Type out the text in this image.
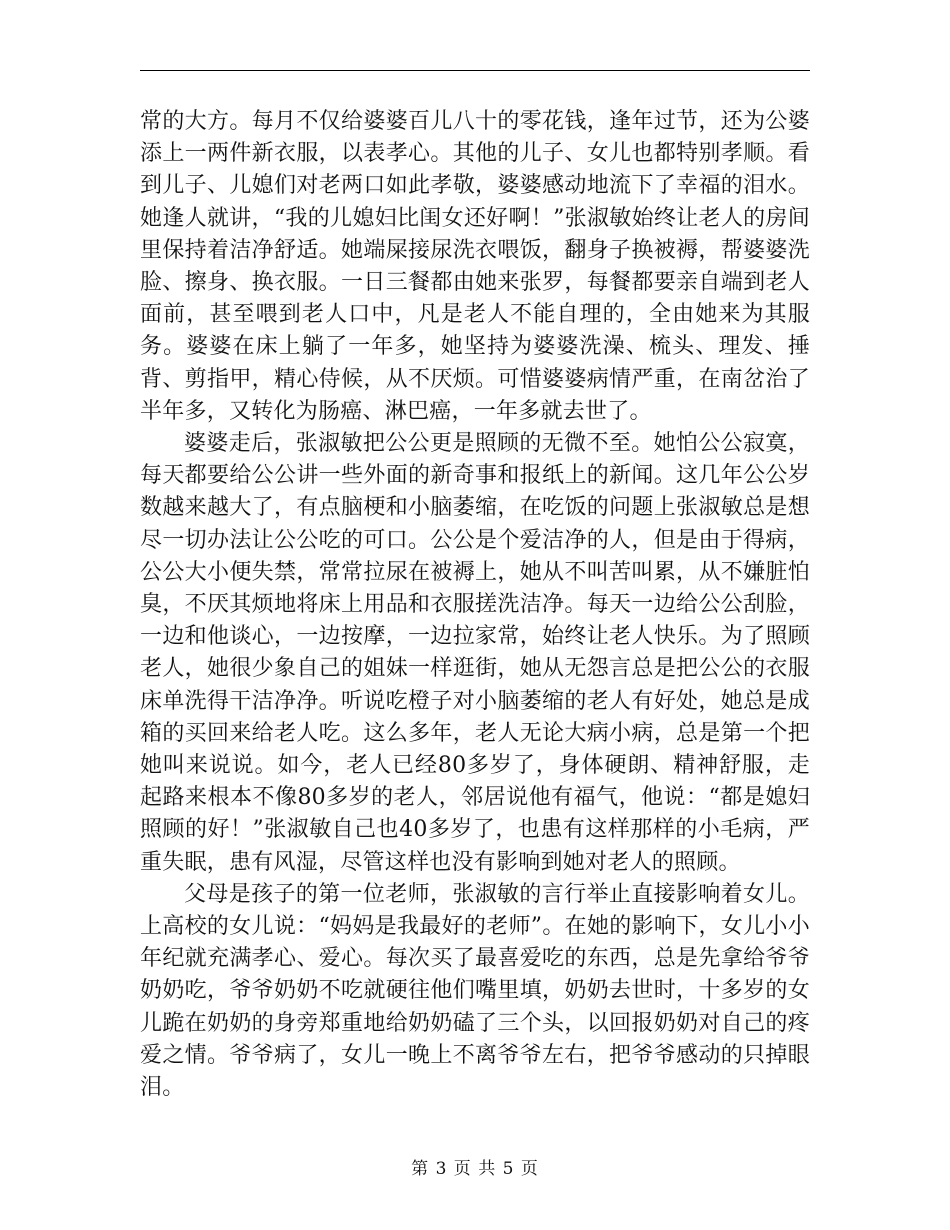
常的大方。每月不仅给婆婆百儿八十的零花钱，逢年过节，还为公婆添上一两件新衣服，以表孝心。其他的儿子、女儿也都特别孝顺。看到儿子、儿媳们对老两口如此孝敬，婆婆感动地流下了幸福的泪水。她逢人就讲，“我的儿媳妇比闺女还好啊！”张淑敏始终让老人的房间里保持着洁净舒适。她端屎接尿洗衣喂饭，翻身子换被褥，帮婆婆洗脸、擦身、换衣服。一日三餐都由她来张罗，每餐都要亲自端到老人面前，甚至喂到老人口中，凡是老人不能自理的，全由她来为其服务。婆婆在床上躺了一年多，她坚持为婆婆洗澡、梳头、理发、捶背、剪指甲，精心侍候，从不厌烦。可惜婆婆病情严重，在南岔治了半年多，又转化为肠癌、淋巴癌，一年多就去世了。

婆婆走后，张淑敏把公公更是照顾的无微不至。她怕公公寂寞，每天都要给公公讲一些外面的新奇事和报纸上的新闻。这几年公公岁数越来越大了，有点脑梗和小脑萎缩，在吃饭的问题上张淑敏总是想尽一切办法让公公吃的可口。公公是个爱洁净的人，但是由于得病，公公大小便失禁，常常拉尿在被褥上，她从不叫苦叫累，从不嫌脏怕臭，不厌其烦地将床上用品和衣服搓洗洁净。每天一边给公公刮脸，一边和他谈心，一边按摩，一边拉家常，始终让老人快乐。为了照顾老人，她很少象自己的姐妹一样逛街，她从无怨言总是把公公的衣服床单洗得干洁净净。听说吃橙子对小脑萎缩的老人有好处，她总是成箱的买回来给老人吃。这么多年，老人无论大病小病，总是第一个把她叫来说说。如今，老人已经80多岁了，身体硬朗、精神舒服，走起路来根本不像80多岁的老人，邻居说他有福气，他说：“都是媳妇照顾的好！”张淑敏自己也40多岁了，也患有这样那样的小毛病，严重失眠，患有风湿，尽管这样也没有影响到她对老人的照顾。

父母是孩子的第一位老师，张淑敏的言行举止直接影响着女儿。上高校的女儿说：“妈妈是我最好的老师”。在她的影响下，女儿小小年纪就充满孝心、爱心。每次买了最喜爱吃的东西，总是先拿给爷爷奶奶吃，爷爷奶奶不吃就硬往他们嘴里填，奶奶去世时，十多岁的女儿跪在奶奶的身旁郑重地给奶奶磕了三个头，以回报奶奶对自己的疼爱之情。爷爷病了，女儿一晚上不离爷爷左右，把爷爷感动的只掉眼泪。

第 3 页 共 5 页
